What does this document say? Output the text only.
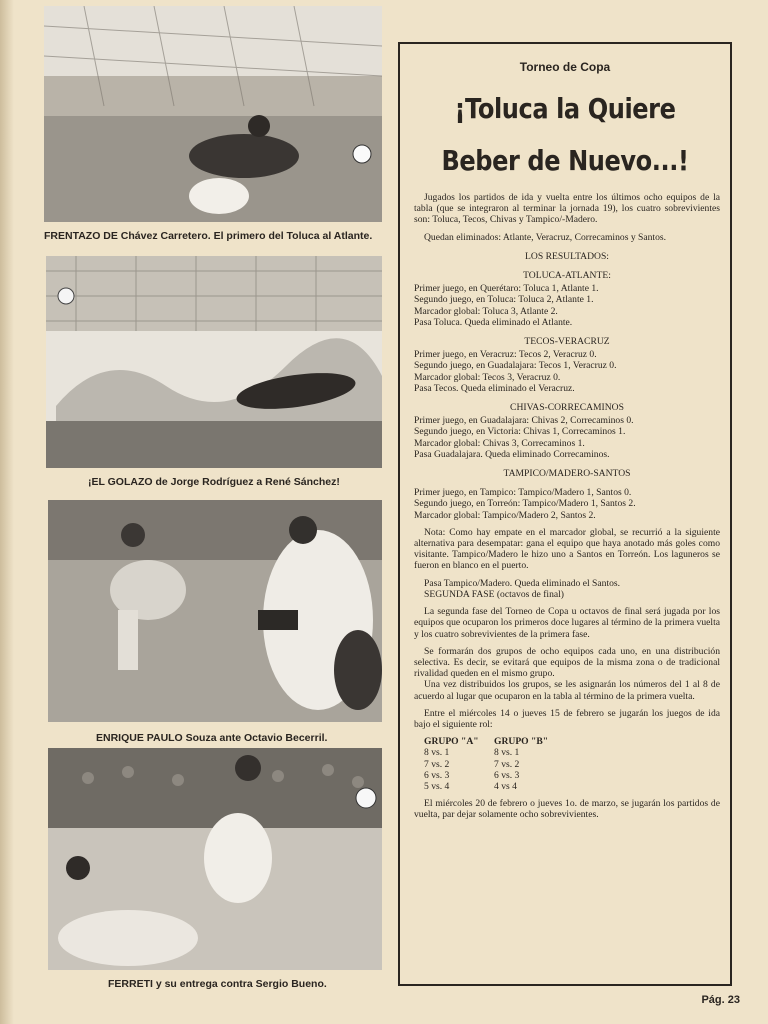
FRENTAZO DE Chávez Carretero. El primero del Toluca al Atlante.
¡EL GOLAZO de Jorge Rodríguez a René Sánchez!
ENRIQUE PAULO Souza ante Octavio Becerril.
FERRETI y su entrega contra Sergio Bueno.
Torneo de Copa
¡Toluca la Quiere
Beber de Nuevo...!

Jugados los partidos de ida y vuelta entre los últimos ocho equipos de la tabla (que se integraron al terminar la jornada 19), los cuatro sobrevivientes son: Toluca, Tecos, Chivas y Tampico/-Madero.

Quedan eliminados: Atlante, Veracruz, Correcaminos y Santos.

LOS RESULTADOS:
TOLUCA-ATLANTE:
Primer juego, en Querétaro: Toluca 1, Atlante 1.
Segundo juego, en Toluca: Toluca 2, Atlante 1.
Marcador global: Toluca 3, Atlante 2.
Pasa Toluca. Queda eliminado el Atlante.
TECOS-VERACRUZ
Primer juego, en Veracruz: Tecos 2, Veracruz 0.
Segundo juego, en Guadalajara: Tecos 1, Veracruz 0.
Marcador global: Tecos 3, Veracruz 0.
Pasa Tecos. Queda eliminado el Veracruz.
CHIVAS-CORRECAMINOS
Primer juego, en Guadalajara: Chivas 2, Correcaminos 0.
Segundo juego, en Victoria: Chivas 1, Correcaminos 1.
Marcador global: Chivas 3, Correcaminos 1.
Pasa Guadalajara. Queda eliminado Correcaminos.
TAMPICO/MADERO-SANTOS
Primer juego, en Tampico: Tampico/Madero 1, Santos 0.
Segundo juego, en Torreón: Tampico/Madero 1, Santos 2.
Marcador global: Tampico/Madero 2, Santos 2.

Nota: Como hay empate en el marcador global, se recurrió a la siguiente alternativa para desempatar: gana el equipo que haya anotado más goles como visitante. Tampico/Madero le hizo uno a Santos en Torreón. Los laguneros se fueron en blanco en el puerto.

Pasa Tampico/Madero. Queda eliminado el Santos.
SEGUNDA FASE (octavos de final)

La segunda fase del Torneo de Copa u octavos de final será jugada por los equipos que ocuparon los primeros doce lugares al término de la primera vuelta y los cuatro sobrevivientes de la primera fase.

Se formarán dos grupos de ocho equipos cada uno, en una distribución selectiva. Es decir, se evitará que equipos de la misma zona o de tradicional rivalidad queden en el mismo grupo.

Una vez distribuidos los grupos, se les asignarán los números del 1 al 8 de acuerdo al lugar que ocuparon en la tabla al término de la primera vuelta.

Entre el miércoles 14 o jueves 15 de febrero se jugarán los juegos de ida bajo el siguiente rol:

GRUPO "A"
8 vs. 1
7 vs. 2
6 vs. 3
5 vs. 4
GRUPO "B"
8 vs. 1
7 vs. 2
6 vs. 3
4 vs 4

El miércoles 20 de febrero o jueves 1o. de marzo, se jugarán los partidos de vuelta, par dejar solamente ocho sobrevivientes.

Pág. 23
